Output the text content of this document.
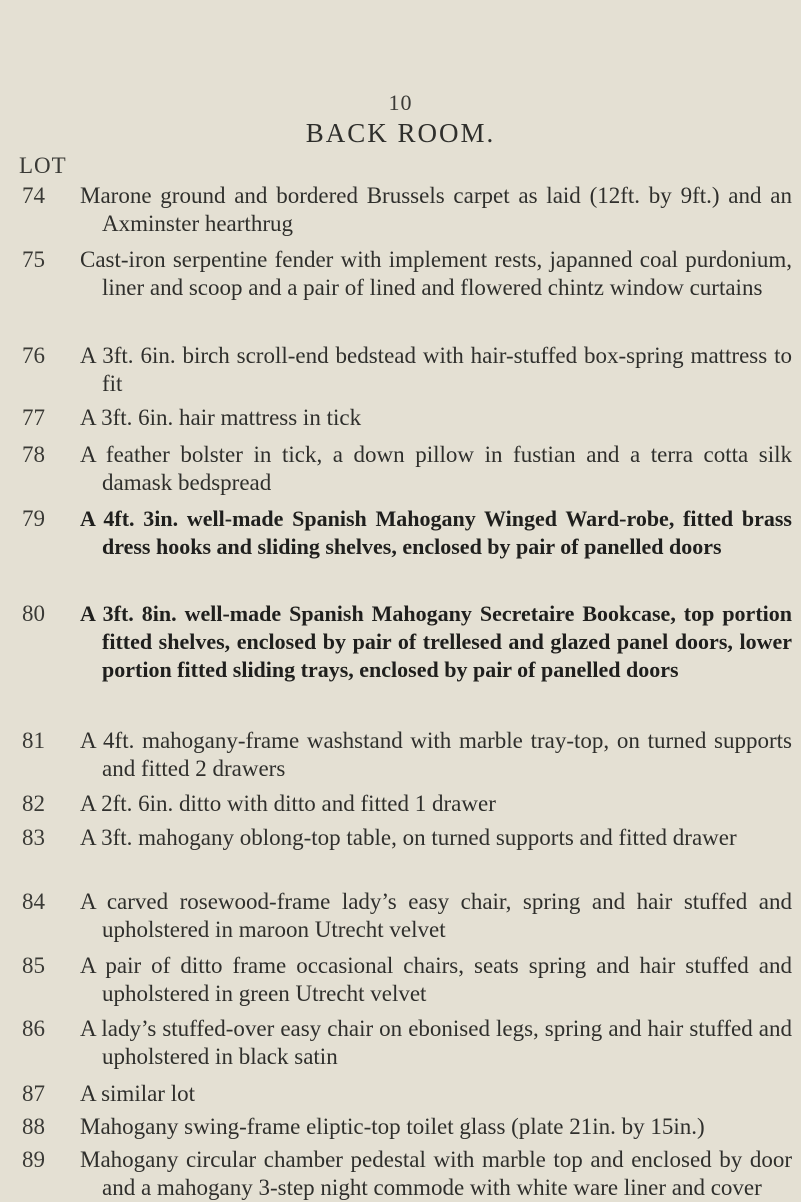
10
BACK ROOM.
LOT
74	Marone ground and bordered Brussels carpet as laid (12ft. by 9ft.) and an Axminster hearthrug
75	Cast-iron serpentine fender with implement rests, japanned coal purdonium, liner and scoop and a pair of lined and flowered chintz window curtains
76	A 3ft. 6in. birch scroll-end bedstead with hair-stuffed box-spring mattress to fit
77	A 3ft. 6in. hair mattress in tick
78	A feather bolster in tick, a down pillow in fustian and a terra cotta silk damask bedspread
79	A 4ft. 3in. well-made Spanish Mahogany Winged Ward-robe, fitted brass dress hooks and sliding shelves, enclosed by pair of panelled doors
80	A 3ft. 8in. well-made Spanish Mahogany Secretaire Bookcase, top portion fitted shelves, enclosed by pair of trellesed and glazed panel doors, lower portion fitted sliding trays, enclosed by pair of panelled doors
81	A 4ft. mahogany-frame washstand with marble tray-top, on turned supports and fitted 2 drawers
82	A 2ft. 6in. ditto with ditto and fitted 1 drawer
83	A 3ft. mahogany oblong-top table, on turned supports and fitted drawer
84	A carved rosewood-frame lady’s easy chair, spring and hair stuffed and upholstered in maroon Utrecht velvet
85	A pair of ditto frame occasional chairs, seats spring and hair stuffed and upholstered in green Utrecht velvet
86	A lady’s stuffed-over easy chair on ebonised legs, spring and hair stuffed and upholstered in black satin
87	A similar lot
88	Mahogany swing-frame eliptic-top toilet glass (plate 21in. by 15in.)
89	Mahogany circular chamber pedestal with marble top and enclosed by door and a mahogany 3-step night commode with white ware liner and cover
